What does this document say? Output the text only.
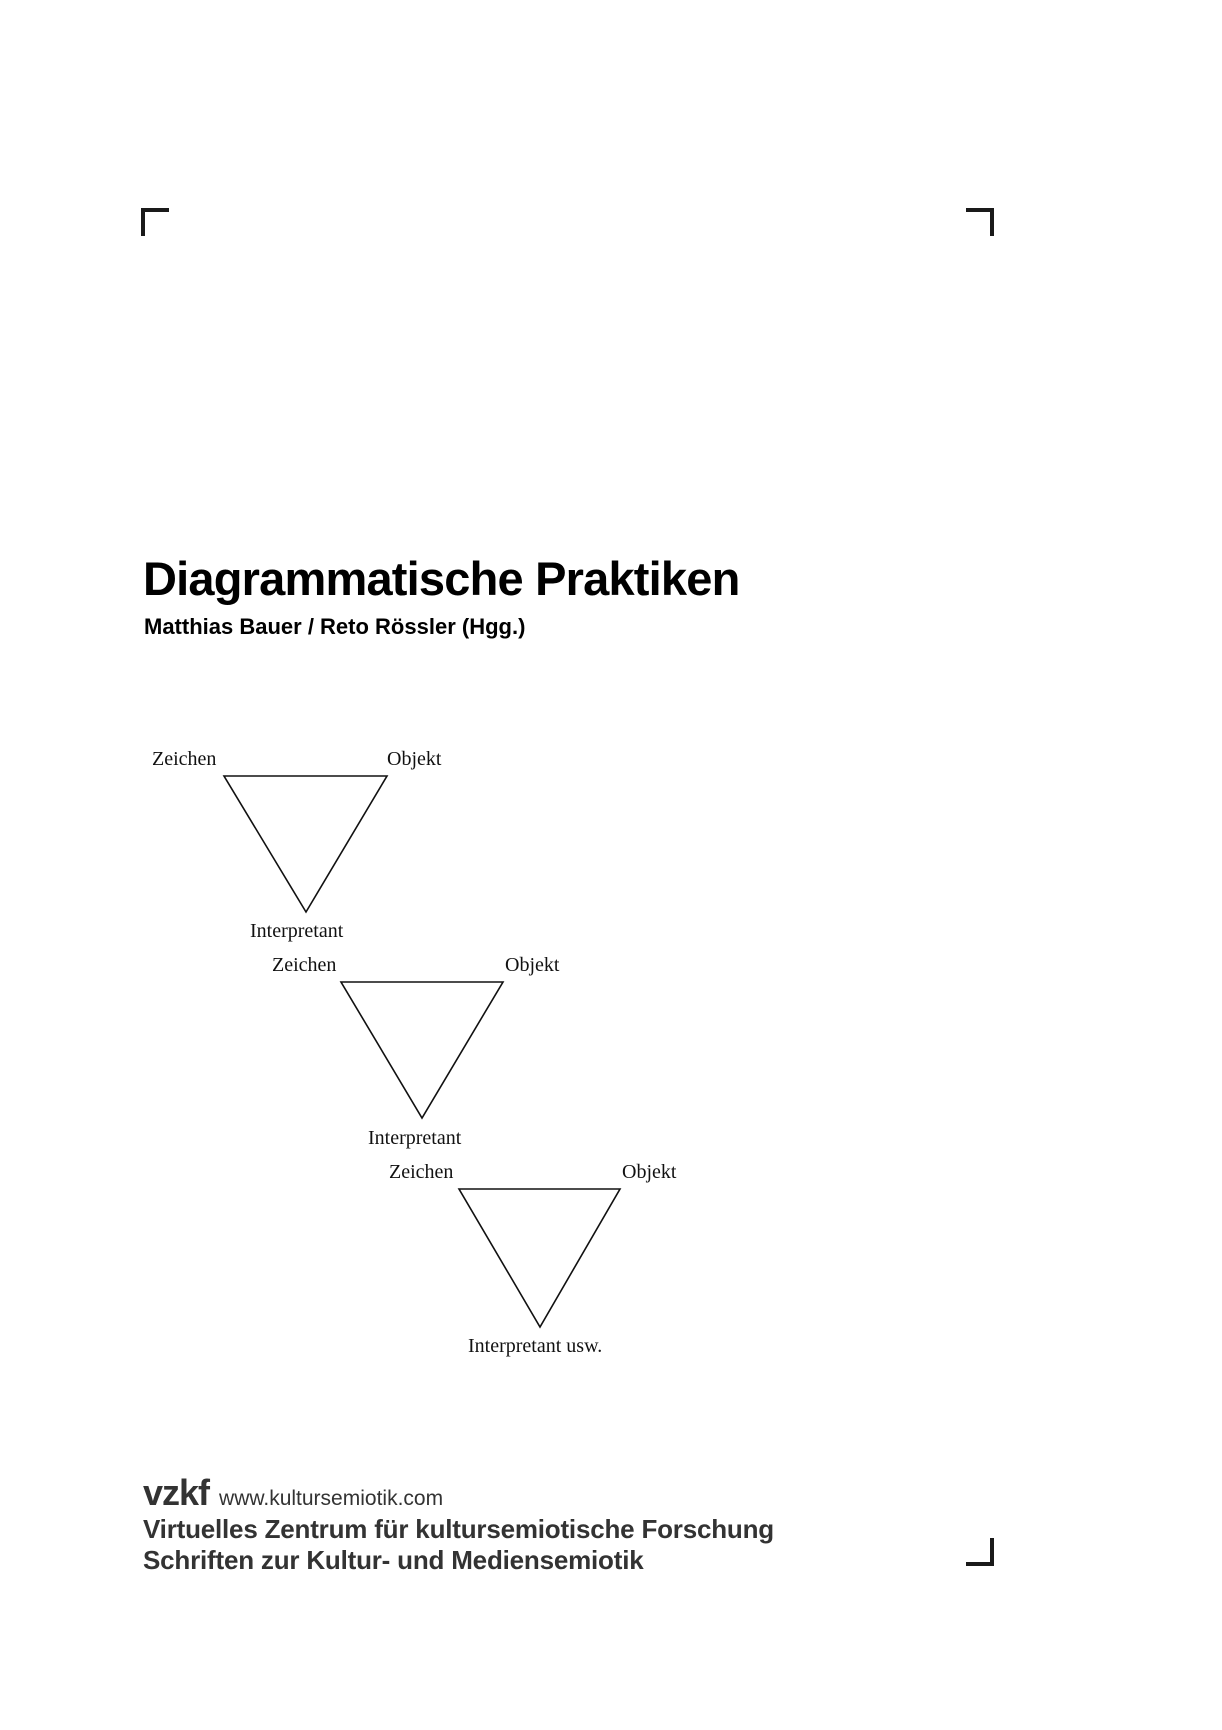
Diagrammatische Praktiken
Matthias Bauer / Reto Rössler (Hgg.)
Zeichen	Objekt
Interpretant
Zeichen	Objekt
Interpretant
Zeichen	Objekt
Interpretant usw.
vzkf www.kultursemiotik.com
Virtuelles Zentrum für kultursemiotische Forschung
Schriften zur Kultur- und Mediensemiotik
